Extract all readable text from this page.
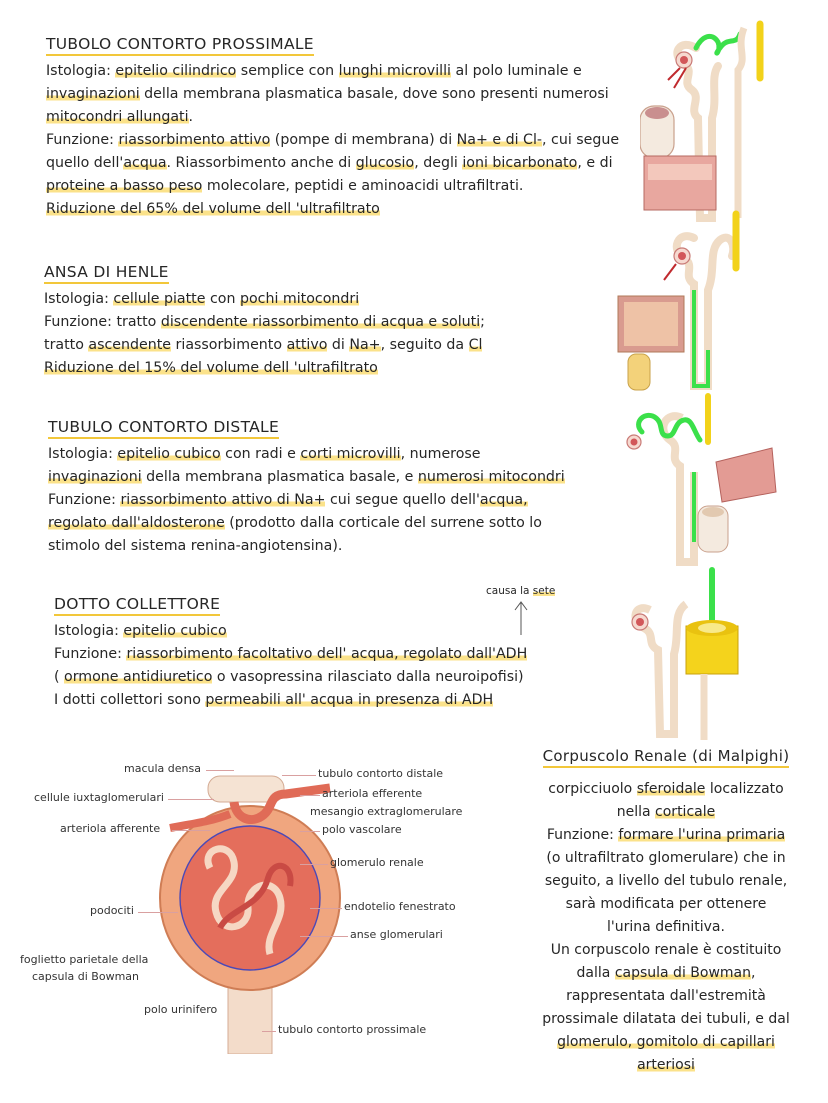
TUBOLO CONTORTO PROSSIMALE
Istologia: epitelio cilindrico semplice con lunghi microvilli al polo luminale e
invaginazioni della membrana plasmatica basale, dove sono presenti numerosi
mitocondri allungati.
Funzione: riassorbimento attivo (pompe di membrana) di Na+ e di Cl-, cui segue
quello dell'acqua. Riassorbimento anche di glucosio, degli ioni bicarbonato, e di
proteine a basso peso molecolare, peptidi e aminoacidi ultrafiltrati.
Riduzione del 65% del volume dell 'ultrafiltrato
ANSA DI HENLE
Istologia: cellule piatte con pochi mitocondri
Funzione: tratto discendente riassorbimento di acqua e soluti;
tratto ascendente riassorbimento attivo di Na+, seguito da Cl
Riduzione del 15% del volume dell 'ultrafiltrato
TUBULO CONTORTO DISTALE
Istologia: epitelio cubico con radi e corti microvilli, numerose
invaginazioni della membrana plasmatica basale, e numerosi mitocondri
Funzione: riassorbimento attivo di Na+ cui segue quello dell'acqua,
regolato dall'aldosterone (prodotto dalla corticale del surrene sotto lo
stimolo del sistema renina-angiotensina).
DOTTO COLLETTORE
Istologia: epitelio cubico
Funzione: riassorbimento facoltativo dell' acqua, regolato dall'ADH
( ormone antidiuretico o vasopressina rilasciato dalla neuroipofisi)
I dotti collettori sono permeabili all' acqua in presenza di ADH
causa la sete
macula densa
cellule iuxtaglomerulari
arteriola afferente
podociti
foglietto parietale della
capsula di Bowman
polo urinifero
tubulo contorto distale
arteriola efferente
mesangio extraglomerulare
polo vascolare
glomerulo renale
endotelio fenestrato
anse glomerulari
tubulo contorto prossimale
Corpuscolo Renale (di Malpighi)
corpicciuolo sferoidale localizzato
nella corticale
Funzione: formare l'urina primaria
(o ultrafiltrato glomerulare) che in
seguito, a livello del tubulo renale,
sarà modificata per ottenere
l'urina definitiva.
Un corpuscolo renale è costituito
dalla capsula di Bowman,
rappresentata dall'estremità
prossimale dilatata dei tubuli, e dal
glomerulo, gomitolo di capillari
arteriosi
